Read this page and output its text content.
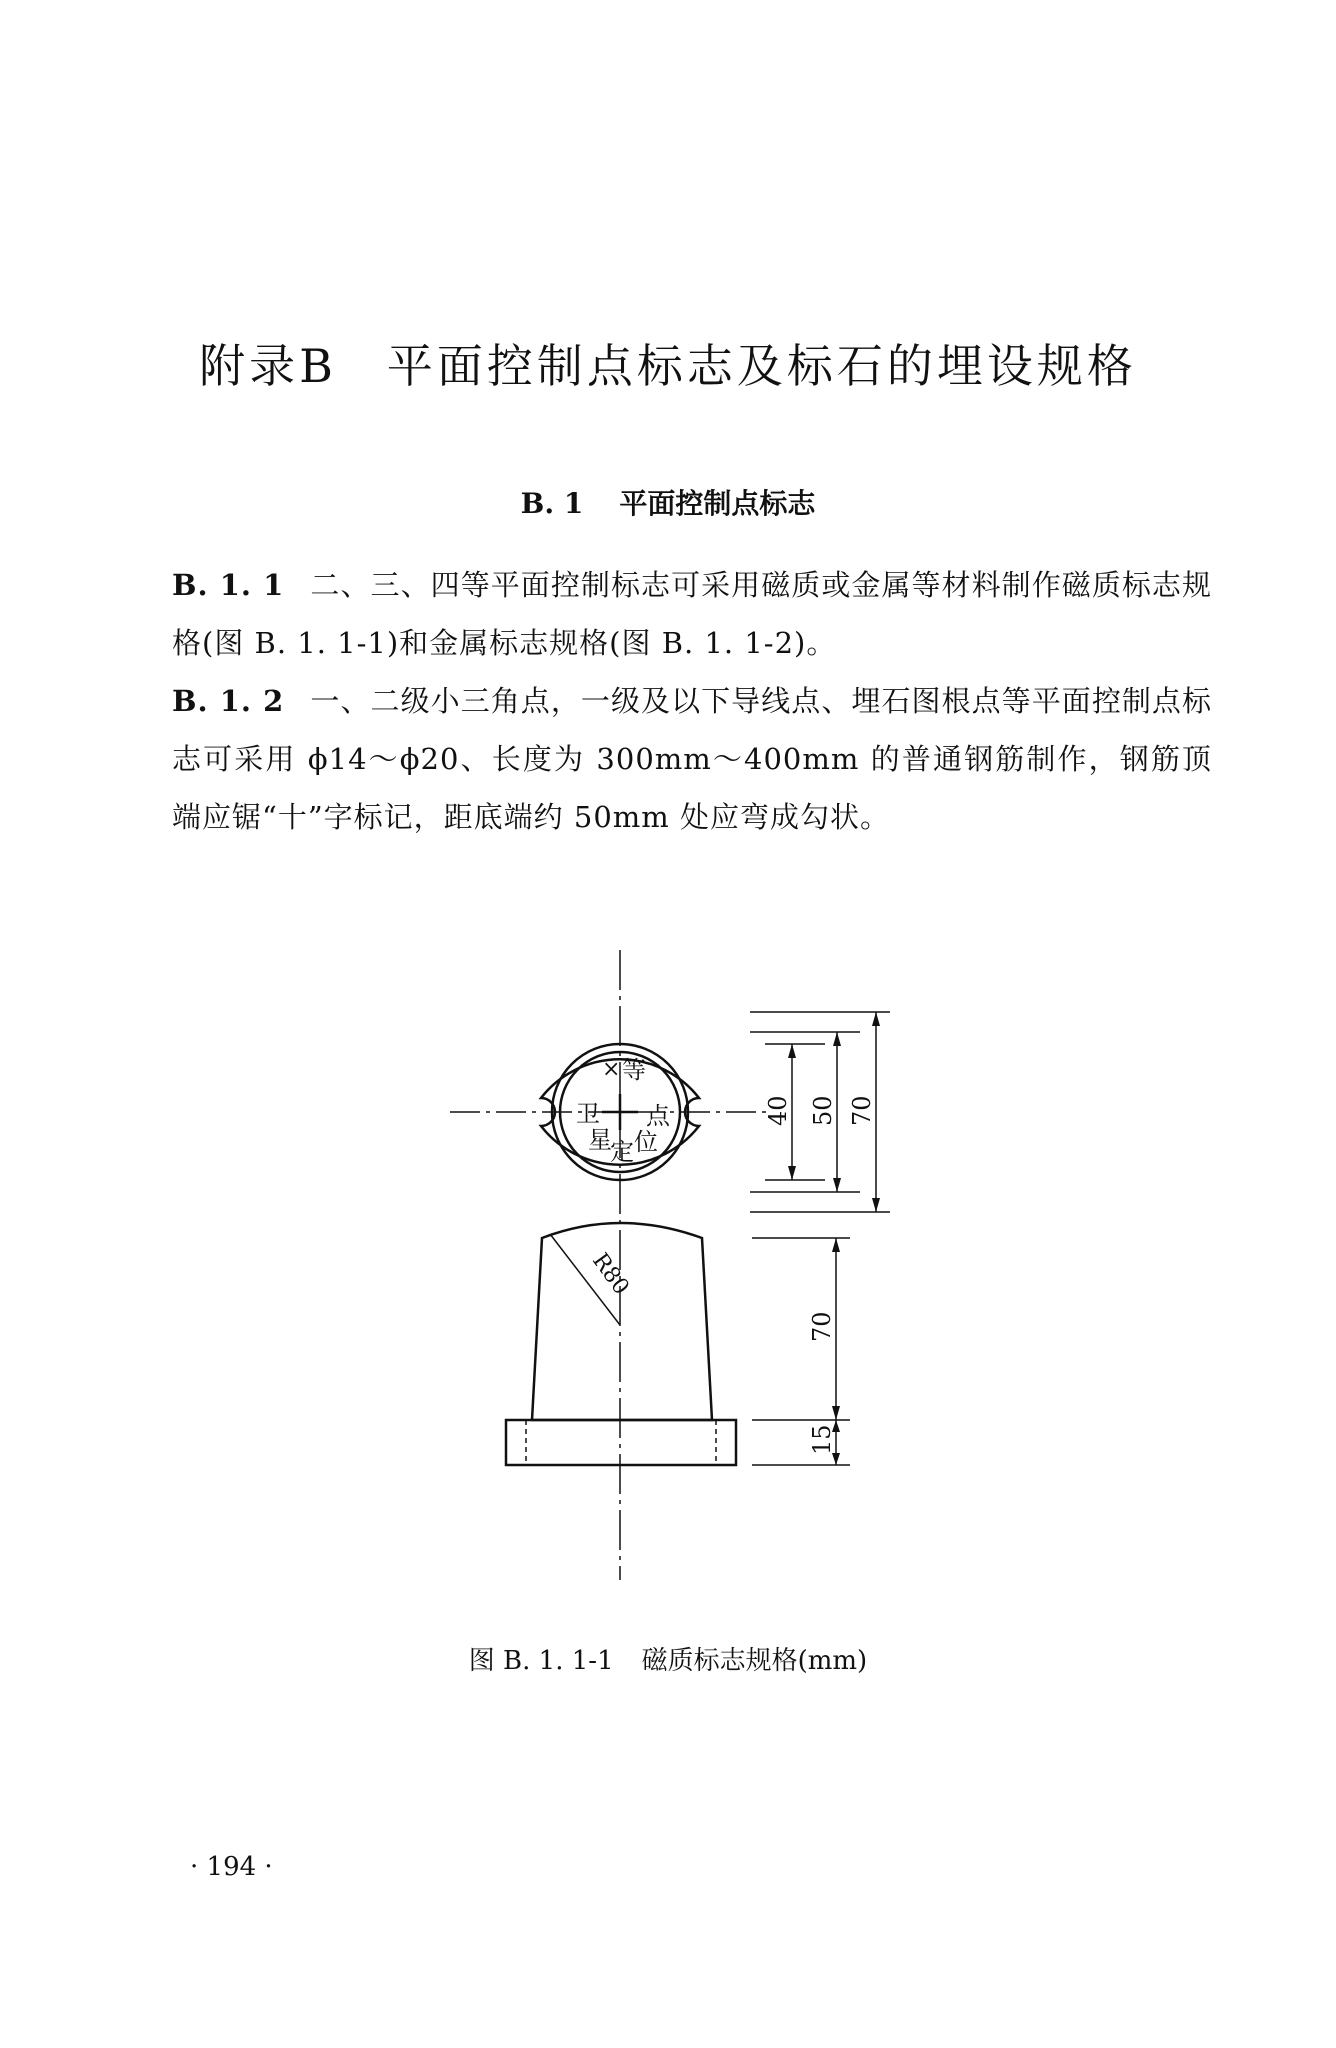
附录B　平面控制点标志及标石的埋设规格
B. 1 平面控制点标志
B. 1. 1 二、三、四等平面控制标志可采用磁质或金属等材料制作磁质标志规格(图 B. 1. 1-1)和金属标志规格(图 B. 1. 1-2)。
B. 1. 2 一、二级小三角点，一级及以下导线点、埋石图根点等平面控制点标志可采用 ϕ14～ϕ20、长度为 300mm～400mm 的普通钢筋制作，钢筋顶端应锯“十”字标记，距底端约 50mm 处应弯成勾状。
× 等
卫
星
定 位
点	40 50 70
R80
70
15
图 B. 1. 1-1 磁质标志规格(mm)
· 194 ·
